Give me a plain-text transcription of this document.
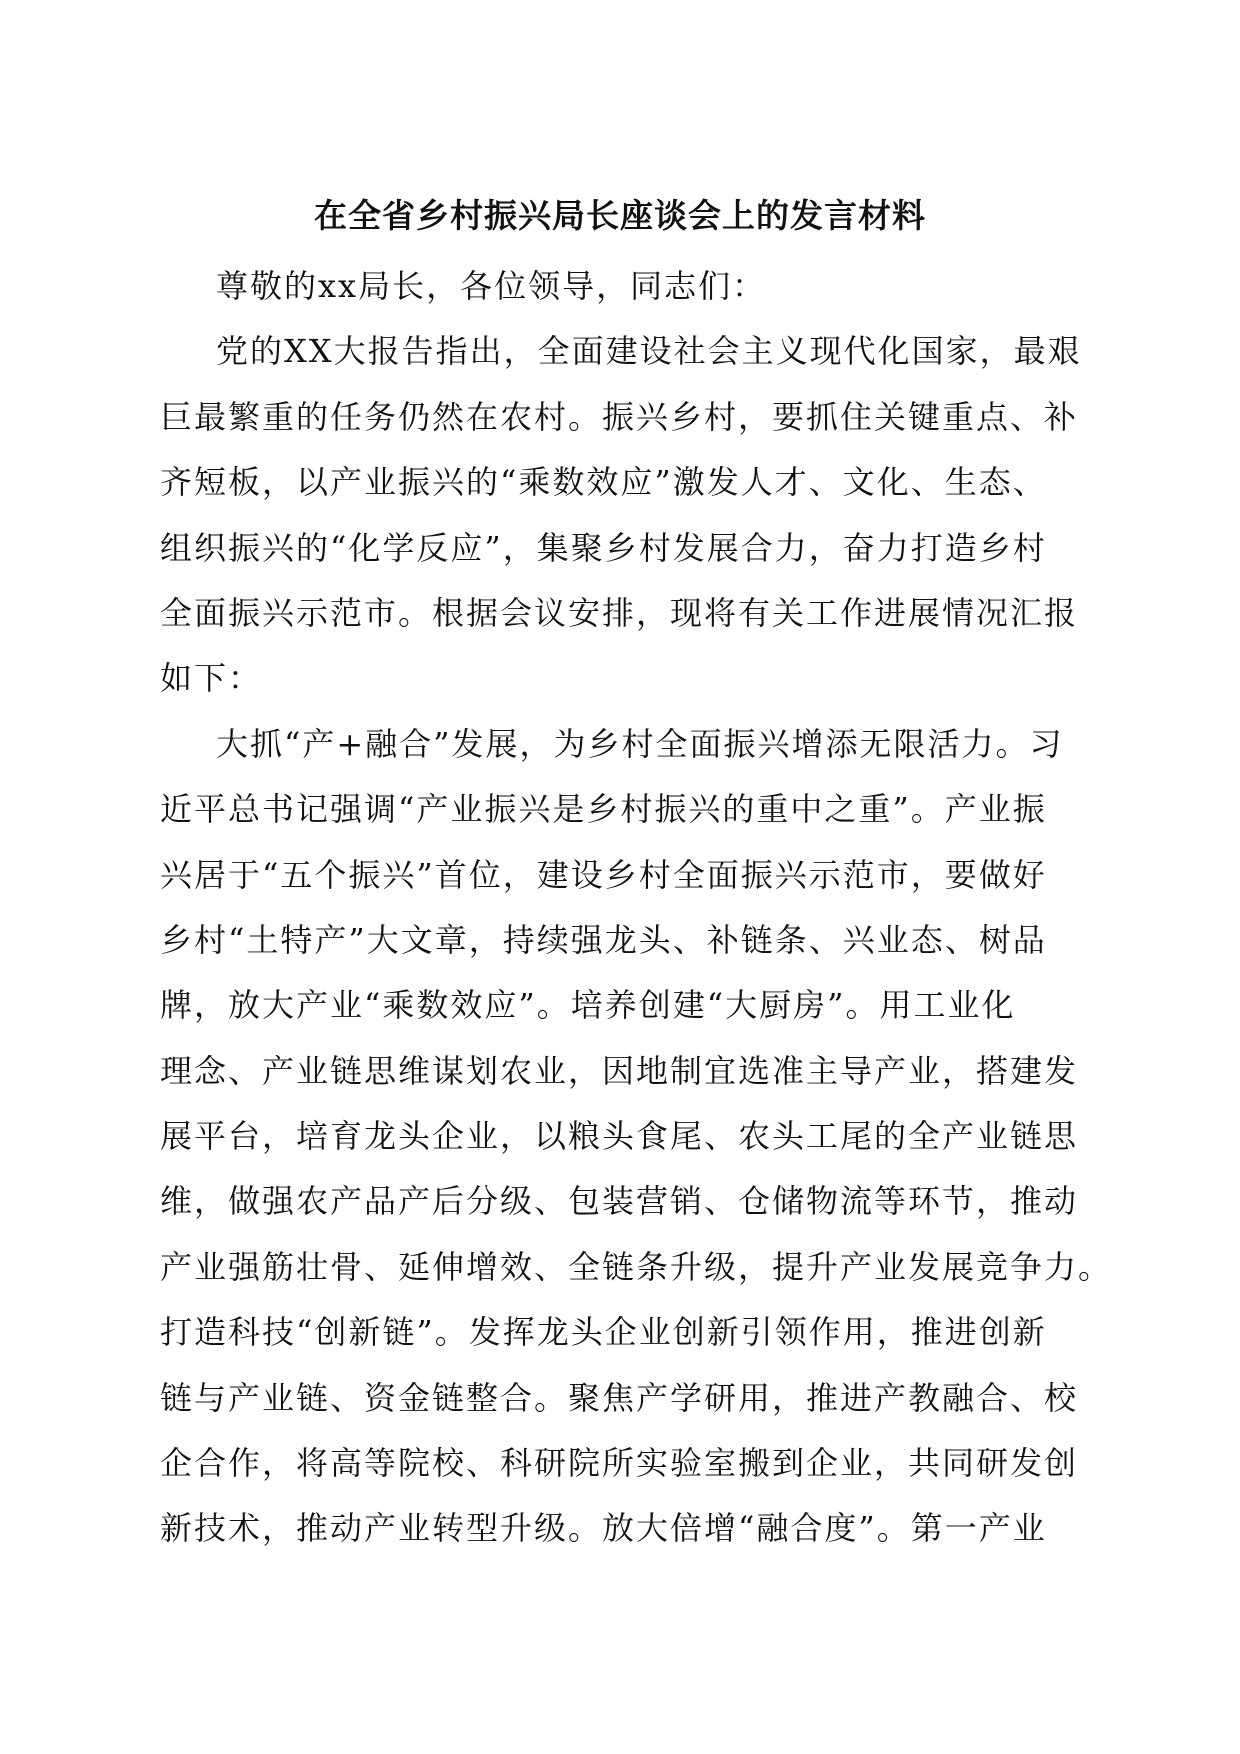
在全省乡村振兴局长座谈会上的发言材料
尊敬的xx局长，各位领导，同志们：
党的XX大报告指出，全面建设社会主义现代化国家，最艰
巨最繁重的任务仍然在农村。振兴乡村，要抓住关键重点、补
齐短板，以产业振兴的“乘数效应”激发人才、文化、生态、
组织振兴的“化学反应”，集聚乡村发展合力，奋力打造乡村
全面振兴示范市。根据会议安排，现将有关工作进展情况汇报
如下：
大抓“产+融合”发展，为乡村全面振兴增添无限活力。习
近平总书记强调“产业振兴是乡村振兴的重中之重”。产业振
兴居于“五个振兴”首位，建设乡村全面振兴示范市，要做好
乡村“土特产”大文章，持续强龙头、补链条、兴业态、树品
牌，放大产业“乘数效应”。培养创建“大厨房”。用工业化
理念、产业链思维谋划农业，因地制宜选准主导产业，搭建发
展平台，培育龙头企业，以粮头食尾、农头工尾的全产业链思
维，做强农产品产后分级、包装营销、仓储物流等环节，推动
产业强筋壮骨、延伸增效、全链条升级，提升产业发展竞争力。
打造科技“创新链”。发挥龙头企业创新引领作用，推进创新
链与产业链、资金链整合。聚焦产学研用，推进产教融合、校
企合作，将高等院校、科研院所实验室搬到企业，共同研发创
新技术，推动产业转型升级。放大倍增“融合度”。第一产业
